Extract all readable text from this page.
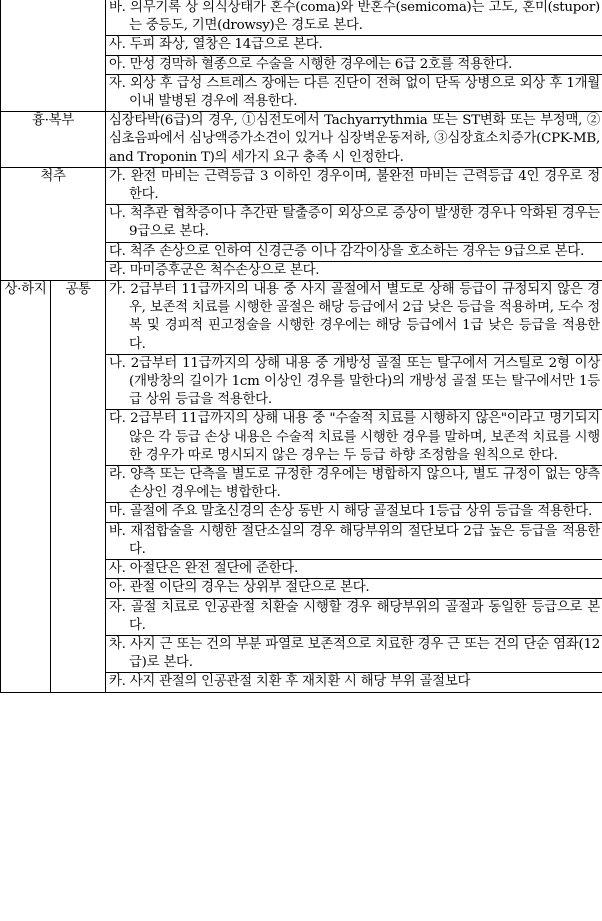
		바. 의무기록 상 의식상태가 혼수(coma)와 반혼수(semicoma)는 고도, 혼미(stupor)는 중등도, 기면(drowsy)은 경도로 본다.

		사. 두피 좌상, 열창은 14급으로 본다.

		아. 만성 경막하 혈종으로 수술을 시행한 경우에는 6급 2호를 적용한다.

		자. 외상 후 급성 스트레스 장애는 다른 진단이 전혀 없이 단독 상병으로 외상 후 1개월 이내 발병된 경우에 적용한다.

흉·복부		심장타박(6급)의 경우, ①심전도에서 Tachyarrythmia 또는 ST변화 또는 부정맥, ②심초음파에서 심낭액증가소견이 있거나 심장벽운동저하, ③심장효소치증가(CPK-MB, and Troponin T)의 세가지 요구 충족 시 인정한다.

척추		가. 완전 마비는 근력등급 3 이하인 경우이며, 불완전 마비는 근력등급 4인 경우로 정한다.

		나. 척추관 협착증이나 추간판 탈출증이 외상으로 증상이 발생한 경우나 악화된 경우는 9급으로 본다.

		다. 척주 손상으로 인하여 신경근증 이나 감각이상을 호소하는 경우는 9급으로 본다.

		라. 마미증후군은 척수손상으로 본다.

상·하지	공통	가. 2급부터 11급까지의 내용 중 사지 골절에서 별도로 상해 등급이 규정되지 않은 경우, 보존적 치료를 시행한 골절은 해당 등급에서 2급 낮은 등급을 적용하며, 도수 정복 및 경피적 핀고정술을 시행한 경우에는 해당 등급에서 1급 낮은 등급을 적용한다.

		나. 2급부터 11급까지의 상해 내용 중 개방성 골절 또는 탈구에서 거스틸로 2형 이상(개방창의 길이가 1cm 이상인 경우를 말한다)의 개방성 골절 또는 탈구에서만 1등급 상위 등급을 적용한다.

		다. 2급부터 11급까지의 상해 내용 중 "수술적 치료를 시행하지 않은"이라고 명기되지 않은 각 등급 손상 내용은 수술적 치료를 시행한 경우를 말하며, 보존적 치료를 시행한 경우가 따로 명시되지 않은 경우는 두 등급 하향 조정함을 원칙으로 한다.

		라. 양측 또는 단측을 별도로 규정한 경우에는 병합하지 않으나, 별도 규정이 없는 양측 손상인 경우에는 병합한다.

		마. 골절에 주요 말초신경의 손상 동반 시 해당 골절보다 1등급 상위 등급을 적용한다.

		바. 재접합술을 시행한 절단소실의 경우 해당부위의 절단보다 2급 높은 등급을 적용한다.

		사. 아절단은 완전 절단에 준한다.

		아. 관절 이단의 경우는 상위부 절단으로 본다.

		자. 골절 치료로 인공관절 치환술 시행할 경우 해당부위의 골절과 동일한 등급으로 본다.

		차. 사지 근 또는 건의 부분 파열로 보존적으로 치료한 경우 근 또는 건의 단순 염좌(12급)로 본다.

		카. 사지 관절의 인공관절 치환 후 재치환 시 해당 부위 골절보다
